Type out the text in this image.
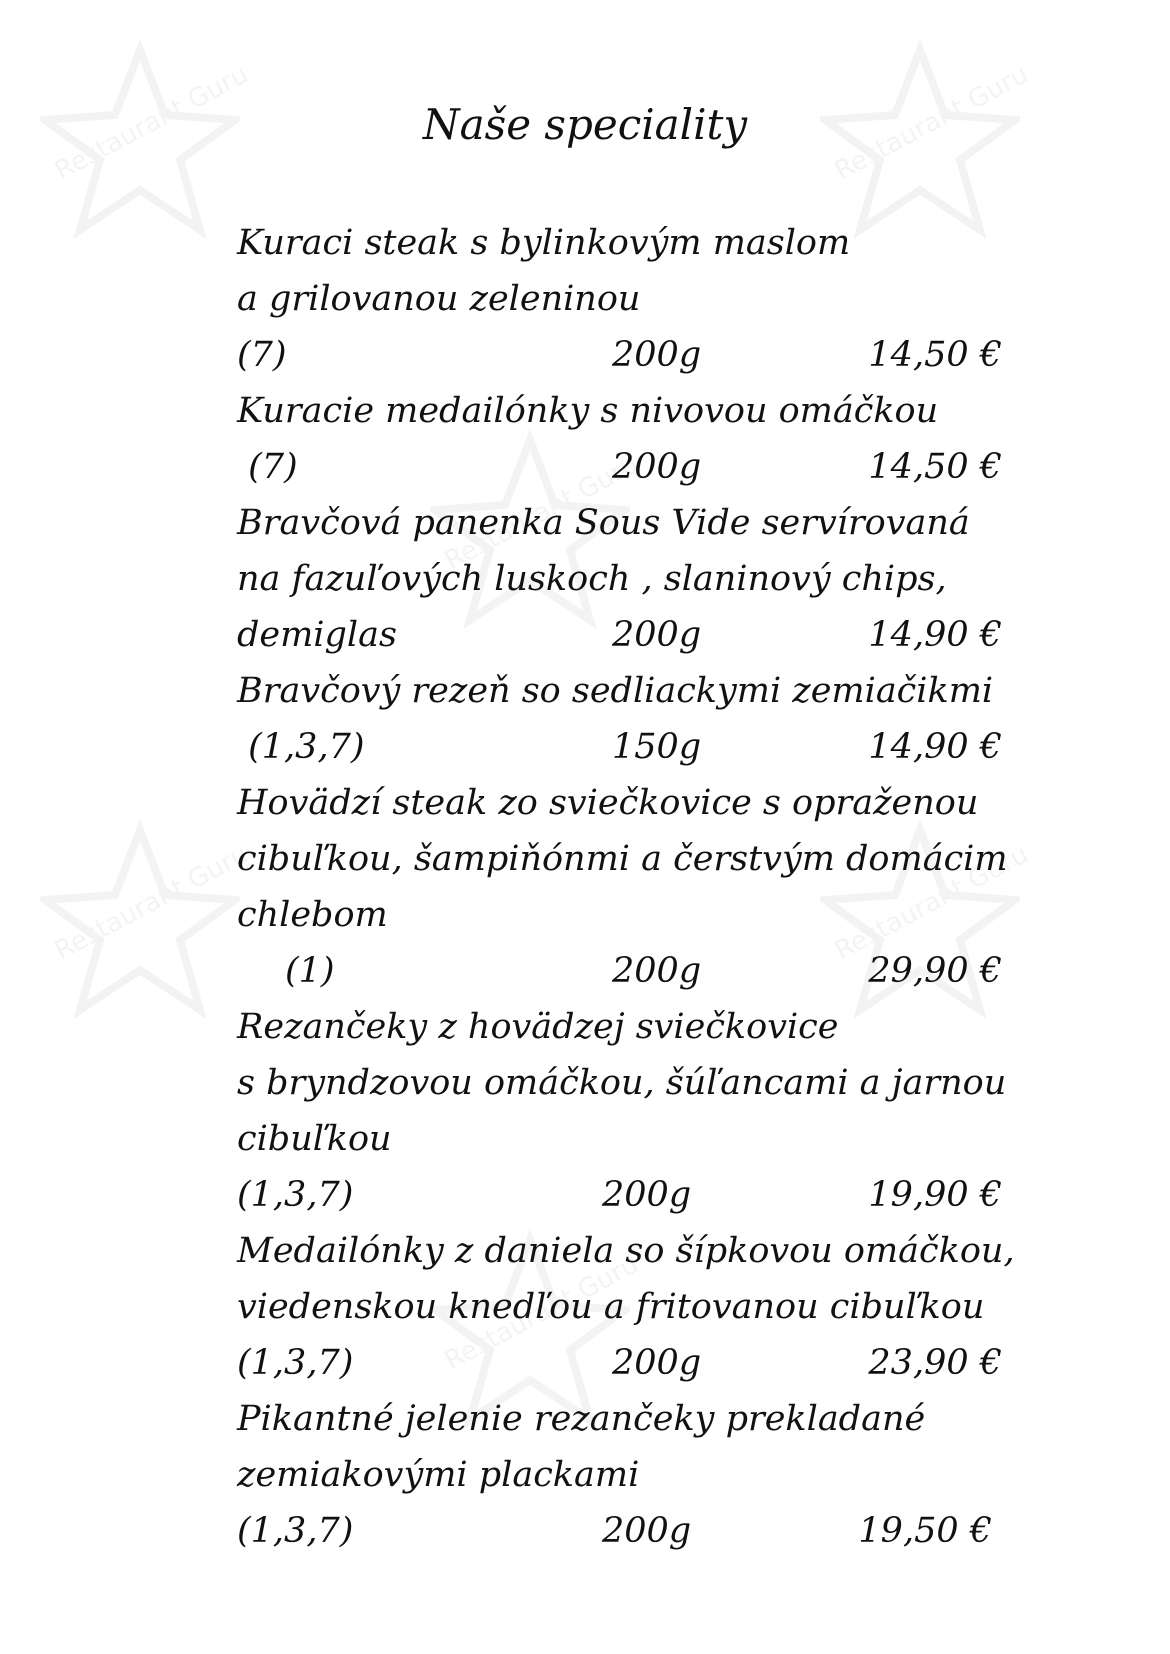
Naše speciality
Kuraci steak s bylinkovým maslom
a grilovanou zeleninou
(7)	200g	14,50 €
Kuracie medailónky s nivovou omáčkou
(7)	200g	14,50 €
Bravčová panenka Sous Vide servírovaná
na fazuľových luskoch , slaninový chips,
demiglas	200g	14,90 €
Bravčový rezeň so sedliackymi zemiačikmi
(1,3,7)	150g	14,90 €
Hovädzí steak zo sviečkovice s opraženou
cibuľkou, šampiňónmi a čerstvým domácim
chlebom
(1)	200g	29,90 €
Rezančeky z hovädzej sviečkovice
s bryndzovou omáčkou, šúľancami a jarnou
cibuľkou
(1,3,7)	200g	19,90 €
Medailónky z daniela so šípkovou omáčkou,
viedenskou knedľou a fritovanou cibuľkou
(1,3,7)	200g	23,90 €
Pikantné jelenie rezančeky prekladané
zemiakovými plackami
(1,3,7)	200g	19,50 €
